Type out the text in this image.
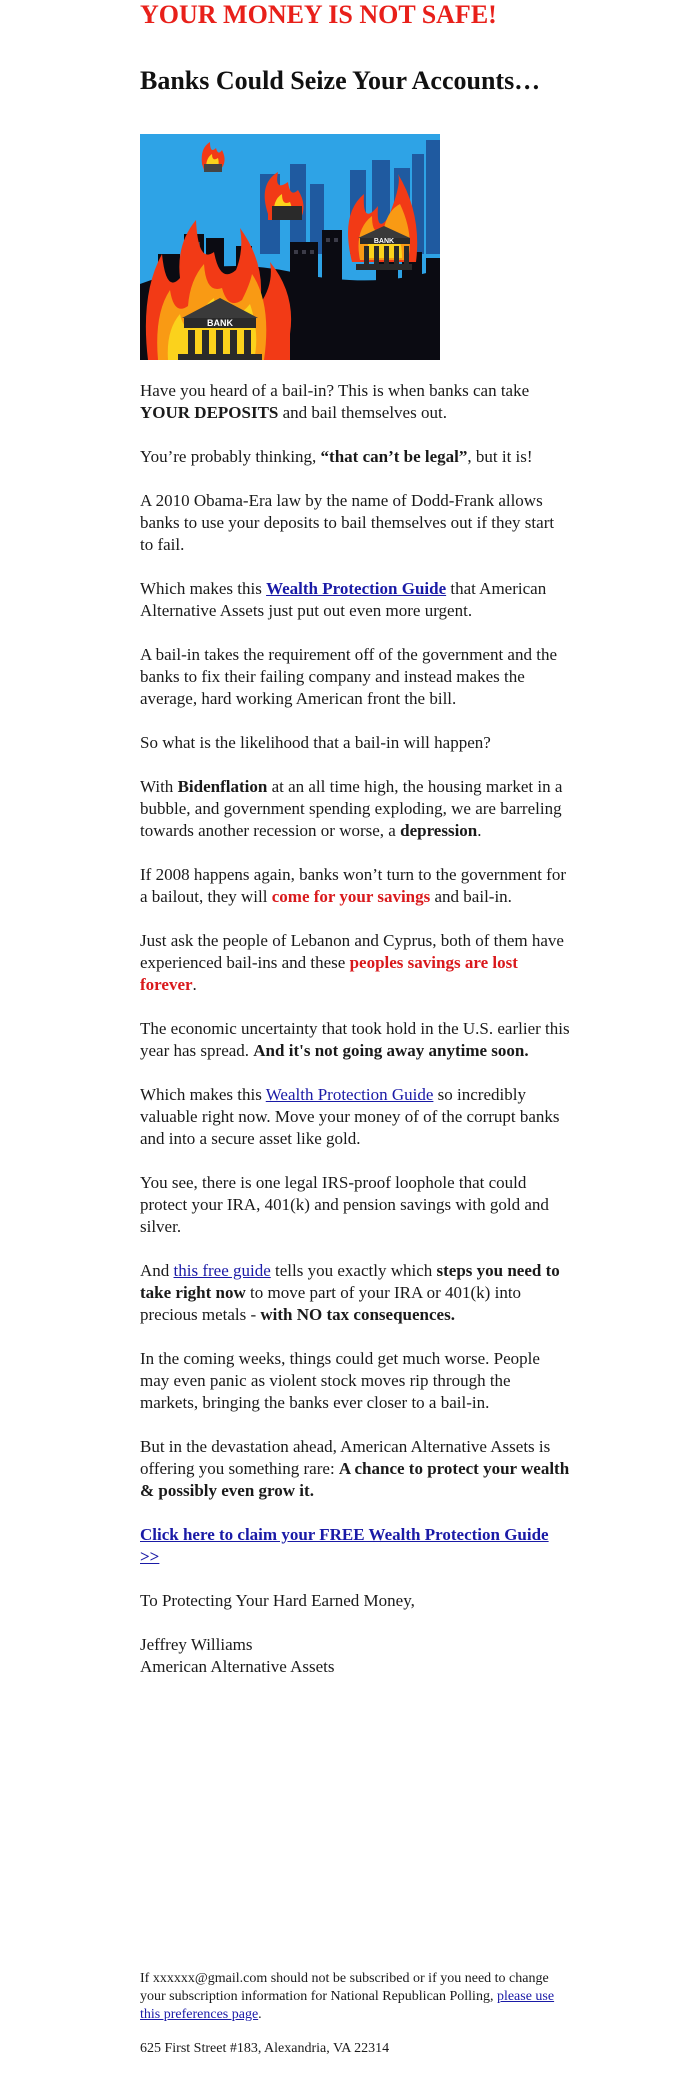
YOUR MONEY IS NOT SAFE!
Banks Could Seize Your Accounts…
BANK
BANK

Have you heard of a bail-in? This is when banks can take YOUR DEPOSITS and bail themselves out.

You’re probably thinking, “that can’t be legal”, but it is!

A 2010 Obama-Era law by the name of Dodd-Frank allows banks to use your deposits to bail themselves out if they start to fail.

Which makes this Wealth Protection Guide that American Alternative Assets just put out even more urgent.

A bail-in takes the requirement off of the government and the banks to fix their failing company and instead makes the average, hard working American front the bill.

So what is the likelihood that a bail-in will happen?

With Bidenflation at an all time high, the housing market in a bubble, and government spending exploding, we are barreling towards another recession or worse, a depression.

If 2008 happens again, banks won’t turn to the government for a bailout, they will come for your savings and bail-in.

Just ask the people of Lebanon and Cyprus, both of them have experienced bail-ins and these peoples savings are lost forever.

The economic uncertainty that took hold in the U.S. earlier this year has spread. And it's not going away anytime soon.

Which makes this Wealth Protection Guide so incredibly valuable right now. Move your money of of the corrupt banks and into a secure asset like gold.

You see, there is one legal IRS-proof loophole that could protect your IRA, 401(k) and pension savings with gold and silver.

And this free guide tells you exactly which steps you need to take right now to move part of your IRA or 401(k) into precious metals - with NO tax consequences.

In the coming weeks, things could get much worse. People may even panic as violent stock moves rip through the markets, bringing the banks ever closer to a bail-in.

But in the devastation ahead, American Alternative Assets is offering you something rare: A chance to protect your wealth & possibly even grow it.

Click here to claim your FREE Wealth Protection Guide >>

To Protecting Your Hard Earned Money,

Jeffrey Williams

American Alternative Assets

If xxxxxx@gmail.com should not be subscribed or if you need to change your subscription information for National Republican Polling, please use this preferences page.

625 First Street #183, Alexandria, VA 22314
